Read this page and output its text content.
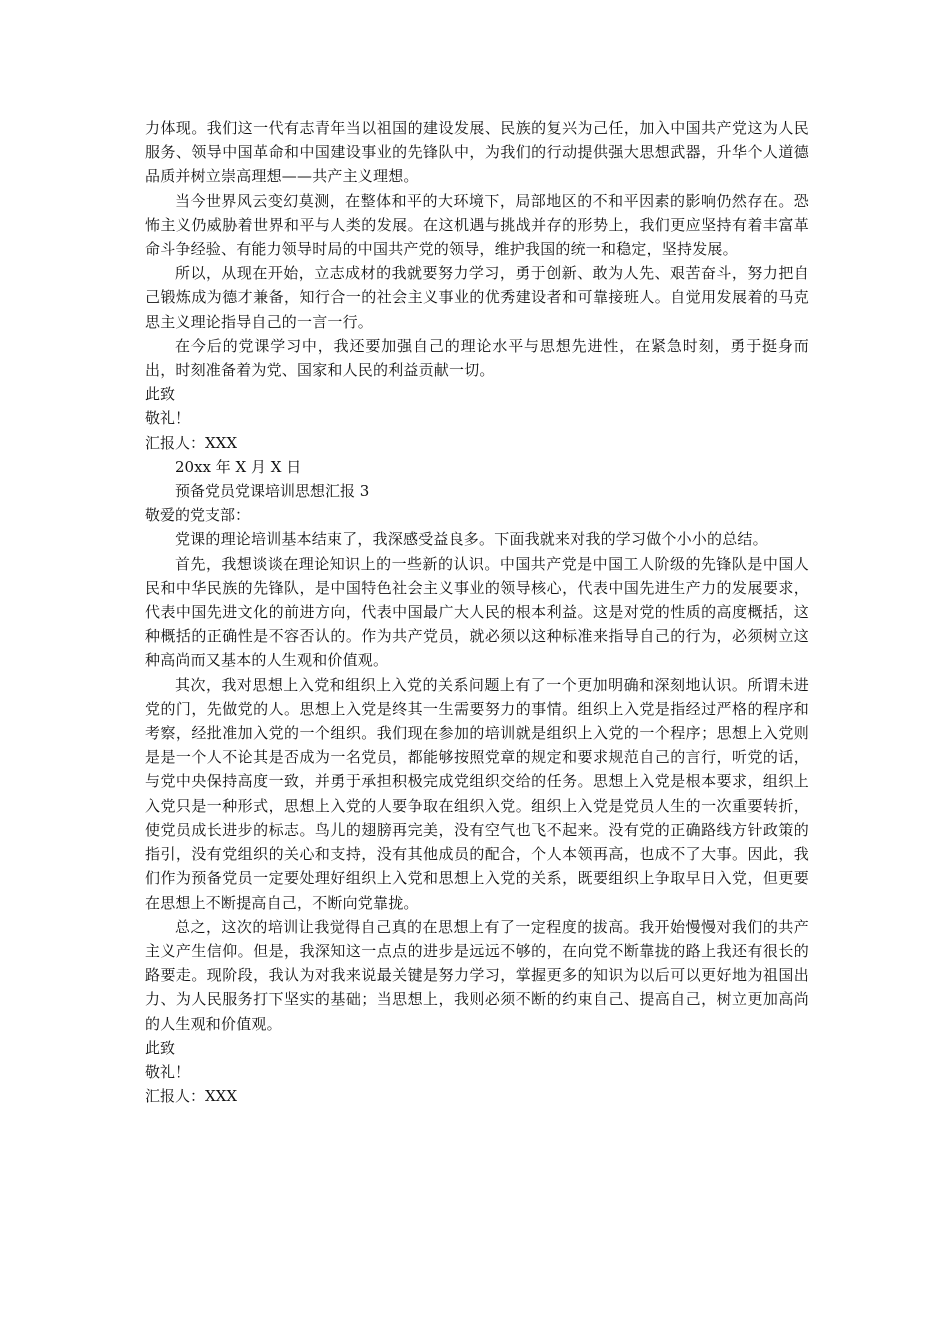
力体现。我们这一代有志青年当以祖国的建设发展、民族的复兴为己任，加入中国共产党这为人民服务、领导中国革命和中国建设事业的先锋队中，为我们的行动提供强大思想武器，升华个人道德品质并树立崇高理想——共产主义理想。

当今世界风云变幻莫测，在整体和平的大环境下，局部地区的不和平因素的影响仍然存在。恐怖主义仍威胁着世界和平与人类的发展。在这机遇与挑战并存的形势上，我们更应坚持有着丰富革命斗争经验、有能力领导时局的中国共产党的领导，维护我国的统一和稳定，坚持发展。

所以，从现在开始，立志成材的我就要努力学习，勇于创新、敢为人先、艰苦奋斗，努力把自己锻炼成为德才兼备，知行合一的社会主义事业的优秀建设者和可靠接班人。自觉用发展着的马克思主义理论指导自己的一言一行。

在今后的党课学习中，我还要加强自己的理论水平与思想先进性，在紧急时刻，勇于挺身而出，时刻准备着为党、国家和人民的利益贡献一切。

此致

敬礼！

汇报人：XXX

20xx 年 X 月 X 日

预备党员党课培训思想汇报 3

敬爱的党支部：

党课的理论培训基本结束了，我深感受益良多。下面我就来对我的学习做个小小的总结。

首先，我想谈谈在理论知识上的一些新的认识。中国共产党是中国工人阶级的先锋队是中国人民和中华民族的先锋队，是中国特色社会主义事业的领导核心，代表中国先进生产力的发展要求，代表中国先进文化的前进方向，代表中国最广大人民的根本利益。这是对党的性质的高度概括，这种概括的正确性是不容否认的。作为共产党员，就必须以这种标准来指导自己的行为，必须树立这种高尚而又基本的人生观和价值观。

其次，我对思想上入党和组织上入党的关系问题上有了一个更加明确和深刻地认识。所谓未进党的门，先做党的人。思想上入党是终其一生需要努力的事情。组织上入党是指经过严格的程序和考察，经批准加入党的一个组织。我们现在参加的培训就是组织上入党的一个程序；思想上入党则是是一个人不论其是否成为一名党员，都能够按照党章的规定和要求规范自己的言行，听党的话，与党中央保持高度一致，并勇于承担积极完成党组织交给的任务。思想上入党是根本要求，组织上入党只是一种形式，思想上入党的人要争取在组织入党。组织上入党是党员人生的一次重要转折，使党员成长进步的标志。鸟儿的翅膀再完美，没有空气也飞不起来。没有党的正确路线方针政策的指引，没有党组织的关心和支持，没有其他成员的配合，个人本领再高，也成不了大事。因此，我们作为预备党员一定要处理好组织上入党和思想上入党的关系，既要组织上争取早日入党，但更要在思想上不断提高自己，不断向党靠拢。

总之，这次的培训让我觉得自己真的在思想上有了一定程度的拔高。我开始慢慢对我们的共产主义产生信仰。但是，我深知这一点点的进步是远远不够的，在向党不断靠拢的路上我还有很长的路要走。现阶段，我认为对我来说最关键是努力学习，掌握更多的知识为以后可以更好地为祖国出力、为人民服务打下坚实的基础；当思想上，我则必须不断的约束自己、提高自己，树立更加高尚的人生观和价值观。

此致

敬礼！

汇报人：XXX
